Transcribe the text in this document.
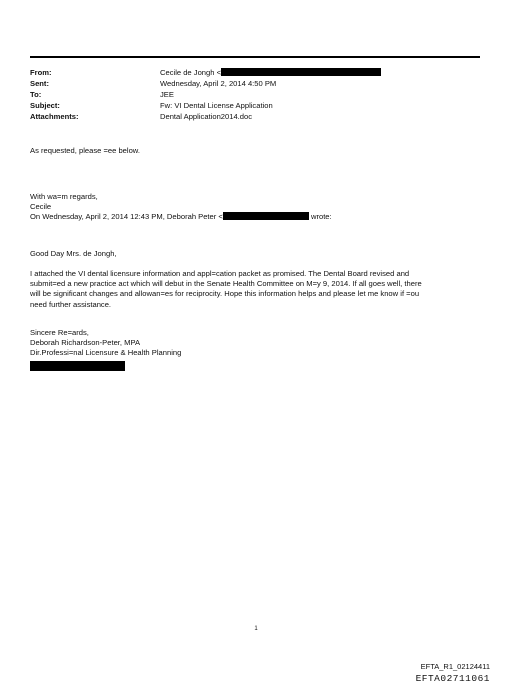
From:	Cecile de Jongh <
Sent:	Wednesday, April 2, 2014 4:50 PM
To:	JEE
Subject:	Fw: VI Dental License Application
Attachments:	Dental Application2014.doc
As requested, please =ee below.

With wa=m regards,

Cecile

On Wednesday, April 2, 2014 12:43 PM, Deborah Peter <	wrote:

Good Day Mrs. de Jongh,

I attached the VI dental licensure information and appl=cation packet as promised. The Dental Board revised and

submit=ed a new practice act which will debut in the Senate Health Committee on M=y 9, 2014. If all goes well, there

will be significant changes and allowan=es for reciprocity. Hope this information helps and please let me know if =ou

need further assistance.

Sincere Re=ards,

Deborah Richardson-Peter, MPA

Dir.Professi=nal Licensure & Health Planning

1
EFTA_R1_02124411
EFTA02711061
